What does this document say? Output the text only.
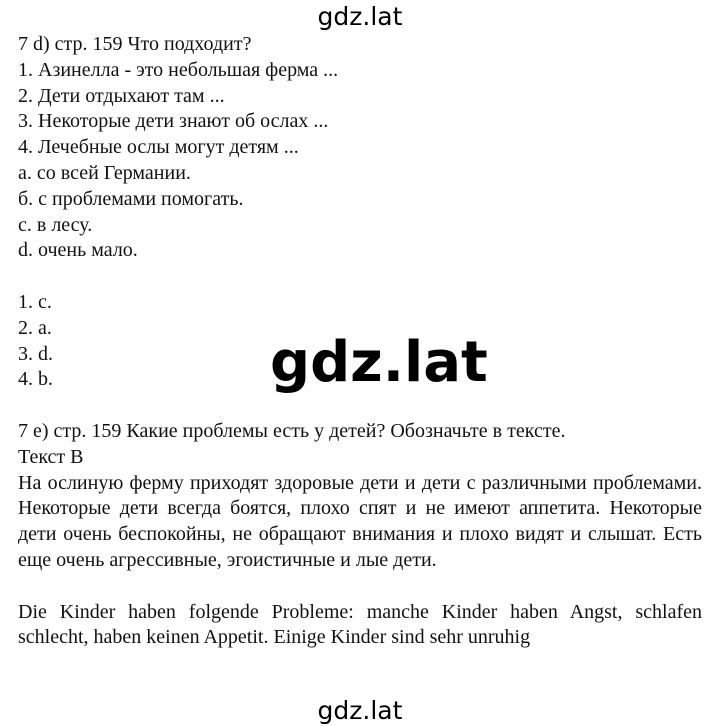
gdz.lat
7 d) стр. 159 Что подходит?
1. Азинелла - это небольшая ферма ...
2. Дети отдыхают там ...
3. Некоторые дети знают об ослах ...
4. Лечебные ослы могут детям ...
a. со всей Германии.
б. с проблемами помогать.
c. в лесу.
d. очень мало.
1. c.
2. a.
3. d.
4. b.
7 e) стр. 159 Какие проблемы есть у детей? Обозначьте в тексте.
Текст B
На ослиную ферму приходят здоровые дети и дети с различными проблемами. Некоторые дети всегда боятся, плохо спят и не имеют аппетита. Некоторые дети очень беспокойны, не обращают внимания и плохо видят и слышат. Есть еще очень агрессивные, эгоистичные и лые дети.
Die Kinder haben folgende Probleme: manche Kinder haben Angst, schlafen schlecht, haben keinen Appetit. Einige Kinder sind sehr unruhig
gdz.lat
gdz.lat
